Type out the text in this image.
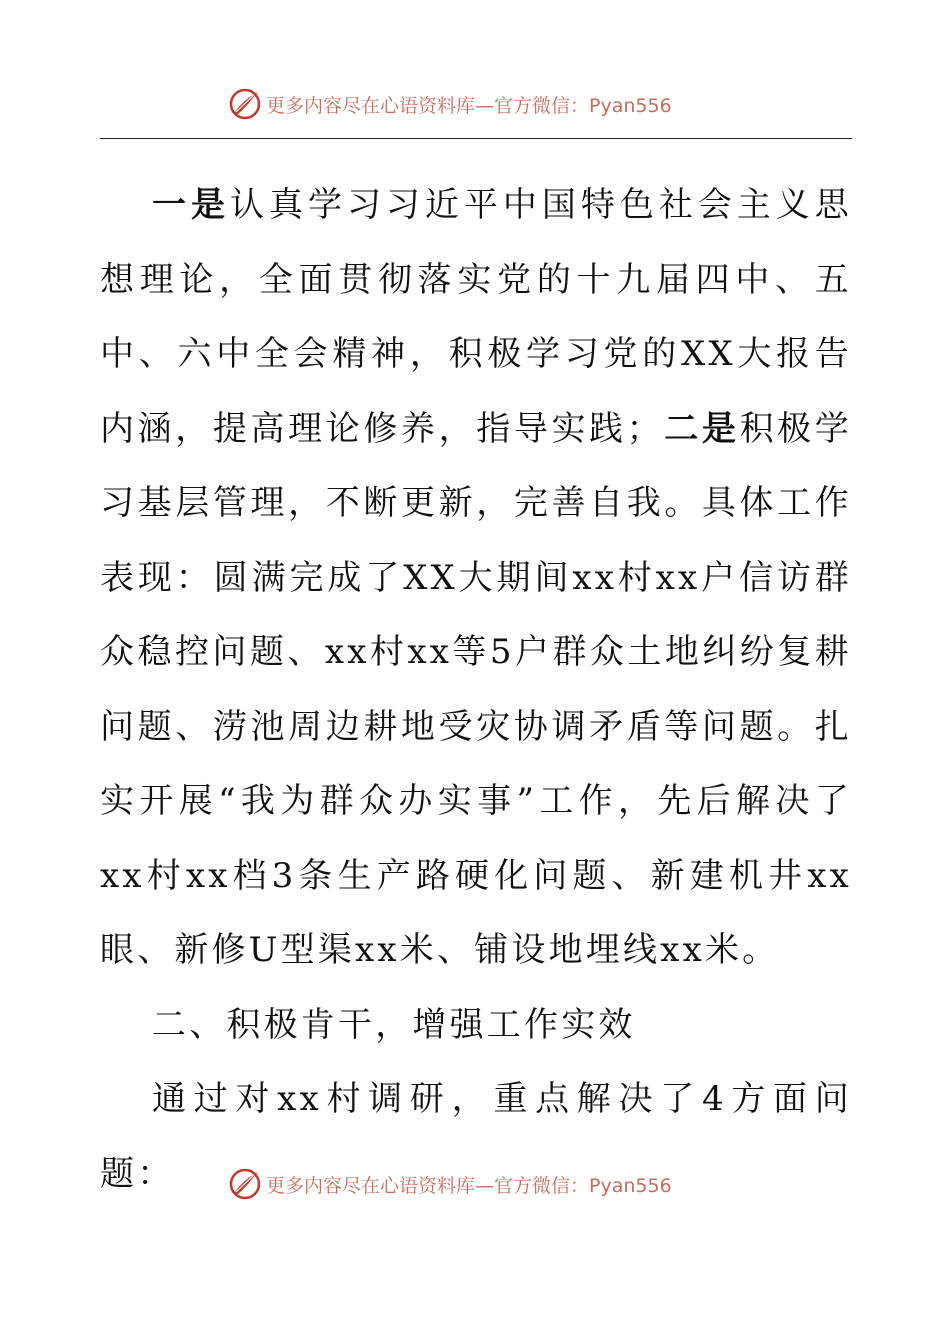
更多内容尽在心语资料库—官方微信：Pyan556

一是认真学习习近平中国特色社会主义思想理论，全面贯彻落实党的十九届四中、五中、六中全会精神，积极学习党的XX大报告内涵，提高理论修养，指导实践；二是积极学习基层管理，不断更新，完善自我。具体工作表现：圆满完成了XX大期间xx村xx户信访群众稳控问题、xx村xx等5户群众土地纠纷复耕问题、涝池周边耕地受灾协调矛盾等问题。扎实开展“我为群众办实事”工作，先后解决了xx村xx档3条生产路硬化问题、新建机井xx眼、新修U型渠xx米、铺设地埋线xx米。

二、积极肯干，增强工作实效

通过对xx村调研，重点解决了4方面问题：	更多内容尽在心语资料库—官方微信：Pyan556
